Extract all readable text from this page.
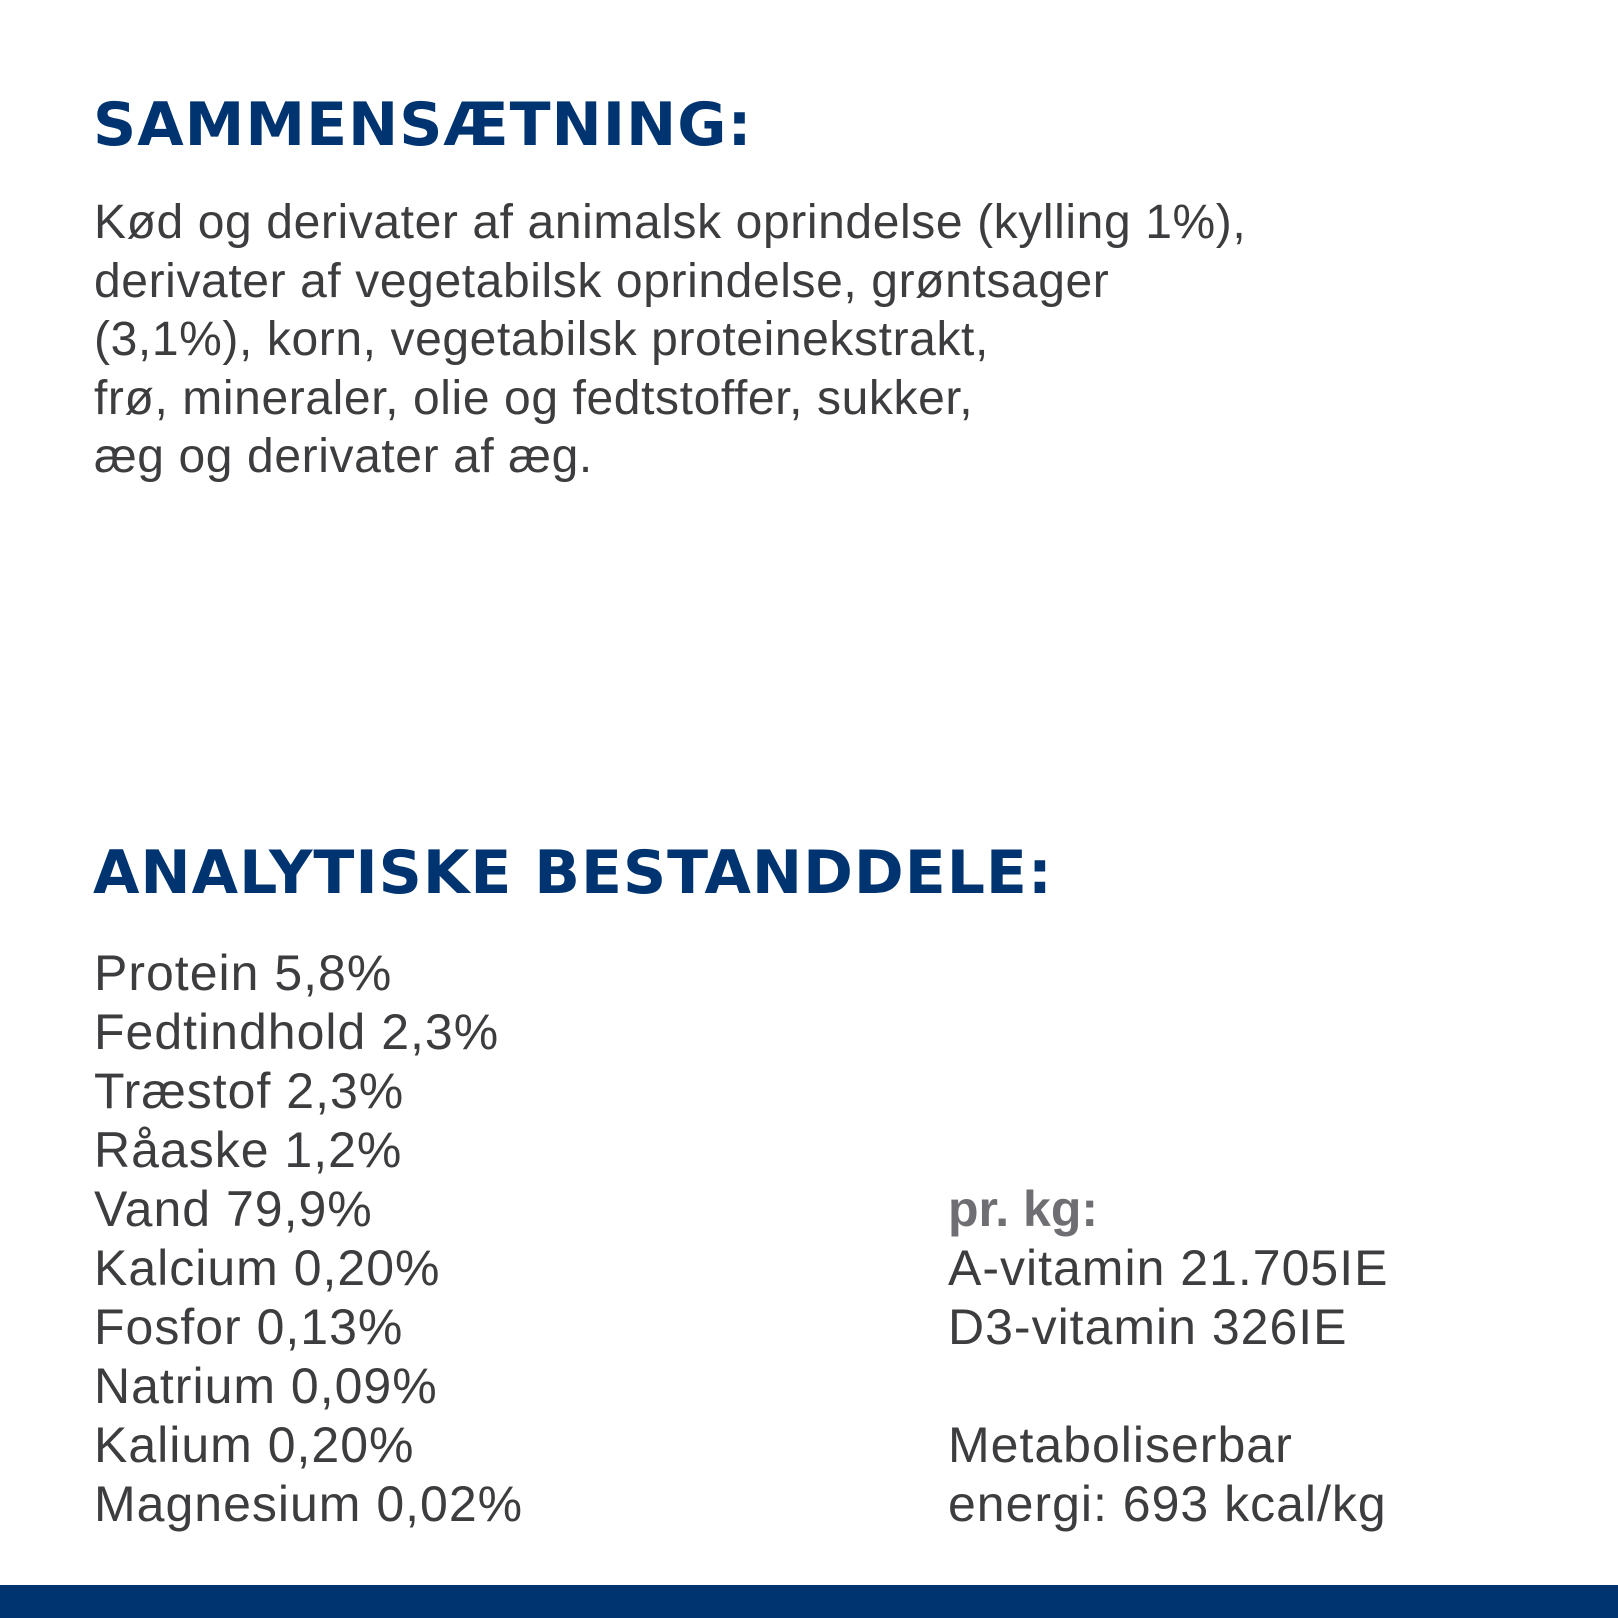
SAMMENSÆTNING:

Kød og derivater af animalsk oprindelse (kylling 1%),
derivater af vegetabilsk oprindelse, grøntsager
(3,1%), korn, vegetabilsk proteinekstrakt,
frø, mineraler, olie og fedtstoffer, sukker,
æg og derivater af æg.

ANALYTISKE BESTANDDELE:
Protein 5,8%
Fedtindhold 2,3%
Træstof 2,3%
Råaske 1,2%
Vand 79,9%
Kalcium 0,20%
Fosfor 0,13%
Natrium 0,09%
Kalium 0,20%
Magnesium 0,02%
pr. kg:
A-vitamin 21.705IE
D3-vitamin 326IE
Metaboliserbar
energi: 693 kcal/kg
